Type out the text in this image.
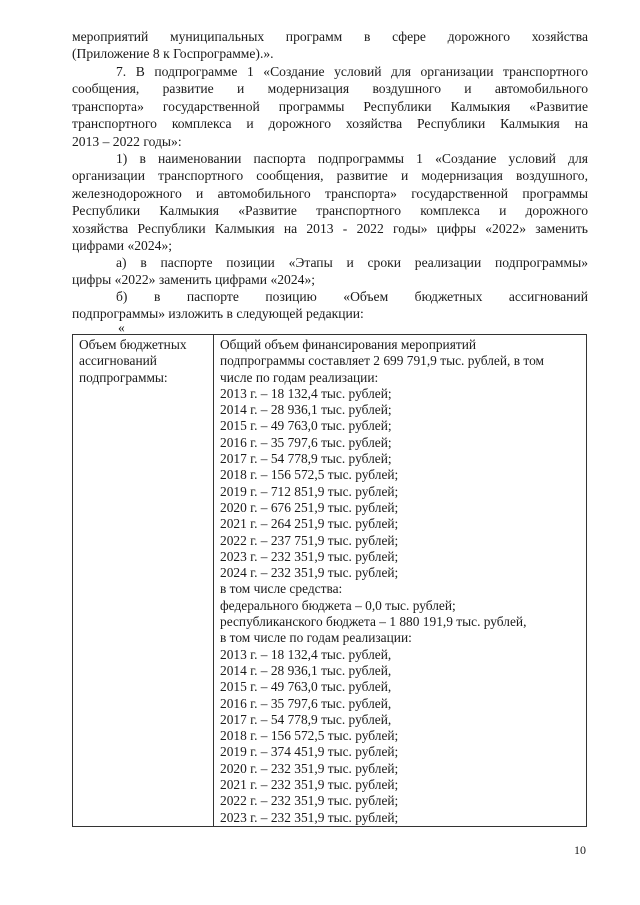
мероприятий муниципальных программ в сфере дорожного хозяйства
(Приложение 8 к Госпрограмме).».

7. В подпрограмме 1 «Создание условий для организации транспортного
сообщения, развитие и модернизация воздушного и автомобильного
транспорта» государственной программы Республики Калмыкия «Развитие
транспортного комплекса и дорожного хозяйства Республики Калмыкия на
2013 – 2022 годы»:

1) в наименовании паспорта подпрограммы 1 «Создание условий для
организации транспортного сообщения, развитие и модернизация воздушного,
железнодорожного и автомобильного транспорта» государственной программы
Республики Калмыкия «Развитие транспортного комплекса и дорожного
хозяйства Республики Калмыкия на 2013 - 2022 годы» цифры «2022» заменить
цифрами «2024»;

а) в паспорте позиции «Этапы и сроки реализации подпрограммы»
цифры «2022» заменить цифрами «2024»;

б) в паспорте позицию «Объем бюджетных ассигнований
подпрограммы» изложить в следующей редакции:

«
Объем бюджетных
ассигнований
подпрограммы:

Общий объем финансирования мероприятий
подпрограммы составляет 2 699 791,9 тыс. рублей, в том
числе по годам реализации:
2013 г. – 18 132,4 тыс. рублей;
2014 г. – 28 936,1 тыс. рублей;
2015 г. – 49 763,0 тыс. рублей;
2016 г. – 35 797,6 тыс. рублей;
2017 г. – 54 778,9 тыс. рублей;
2018 г. – 156 572,5 тыс. рублей;
2019 г. – 712 851,9 тыс. рублей;
2020 г. – 676 251,9 тыс. рублей;
2021 г. – 264 251,9 тыс. рублей;
2022 г. – 237 751,9 тыс. рублей;
2023 г. – 232 351,9 тыс. рублей;
2024 г. – 232 351,9 тыс. рублей;
в том числе средства:
федерального бюджета – 0,0 тыс. рублей;
республиканского бюджета – 1 880 191,9 тыс. рублей,
в том числе по годам реализации:
2013 г. – 18 132,4 тыс. рублей,
2014 г. – 28 936,1 тыс. рублей,
2015 г. – 49 763,0 тыс. рублей,
2016 г. – 35 797,6 тыс. рублей,
2017 г. – 54 778,9 тыс. рублей,
2018 г. – 156 572,5 тыс. рублей;
2019 г. – 374 451,9 тыс. рублей;
2020 г. – 232 351,9 тыс. рублей;
2021 г. – 232 351,9 тыс. рублей;
2022 г. – 232 351,9 тыс. рублей;
2023 г. – 232 351,9 тыс. рублей;
10
